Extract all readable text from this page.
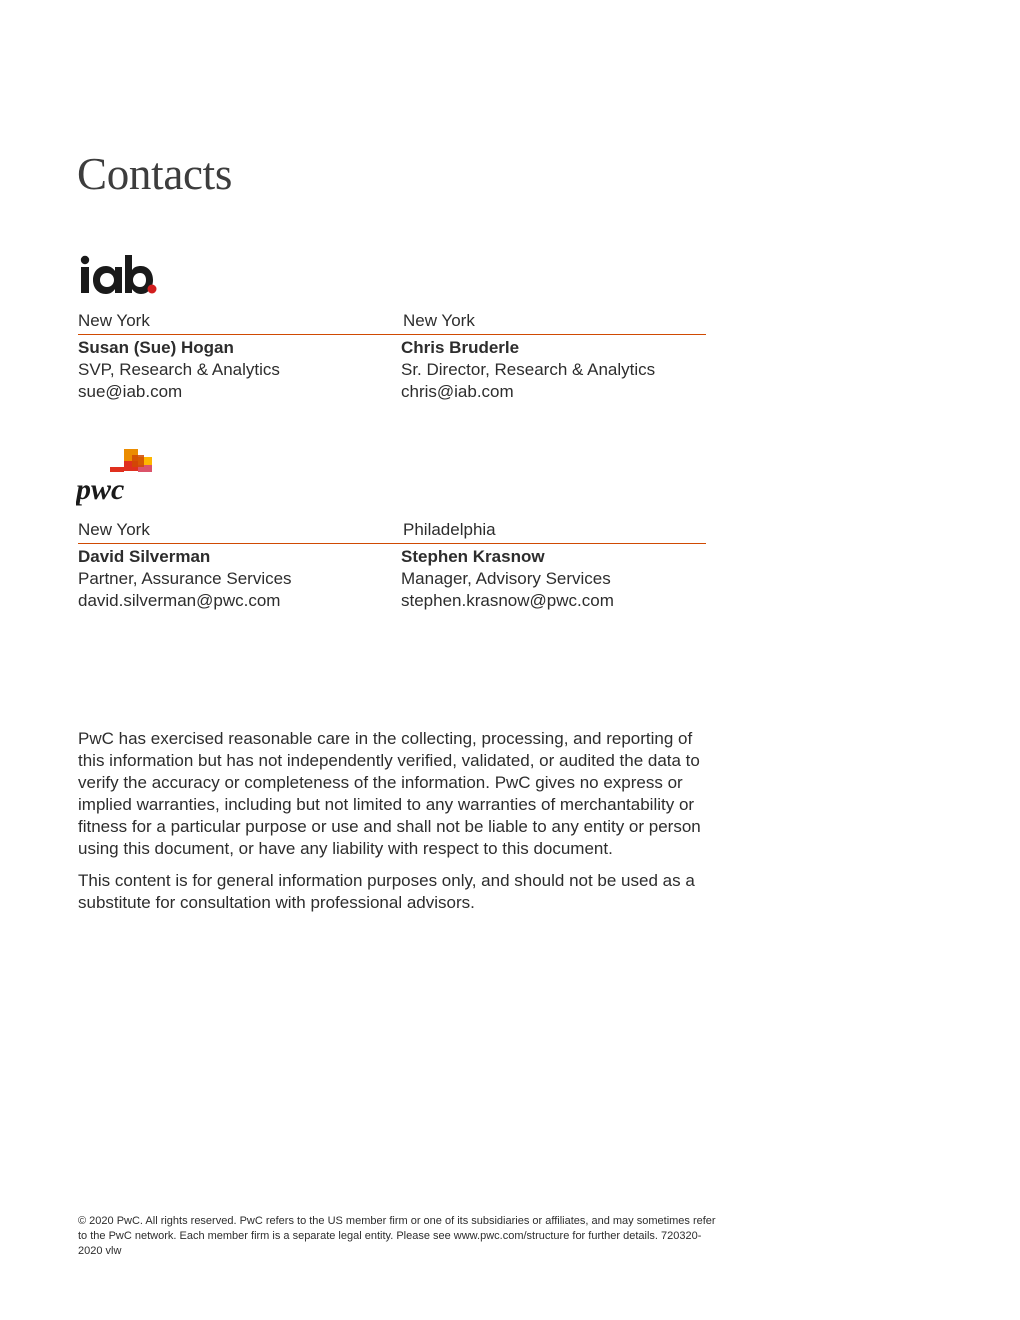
Contacts
New York
Susan (Sue) Hogan
SVP, Research & Analytics
sue@iab.com
New York
Chris Bruderle
Sr. Director, Research & Analytics
chris@iab.com
pwc
New York
David Silverman
Partner, Assurance Services
david.silverman@pwc.com
Philadelphia
Stephen Krasnow
Manager, Advisory Services
stephen.krasnow@pwc.com

PwC has exercised reasonable care in the collecting, processing, and reporting of this information but has not independently verified, validated, or audited the data to verify the accuracy or completeness of the information. PwC gives no express or implied warranties, including but not limited to any warranties of merchantability or fitness for a particular purpose or use and shall not be liable to any entity or person using this document, or have any liability with respect to this document.

This content is for general information purposes only, and should not be used as a substitute for consultation with professional advisors.

© 2020 PwC. All rights reserved. PwC refers to the US member firm or one of its subsidiaries or affiliates, and may sometimes refer to the PwC network. Each member firm is a separate legal entity. Please see www.pwc.com/structure for further details. 720320-2020 vlw
